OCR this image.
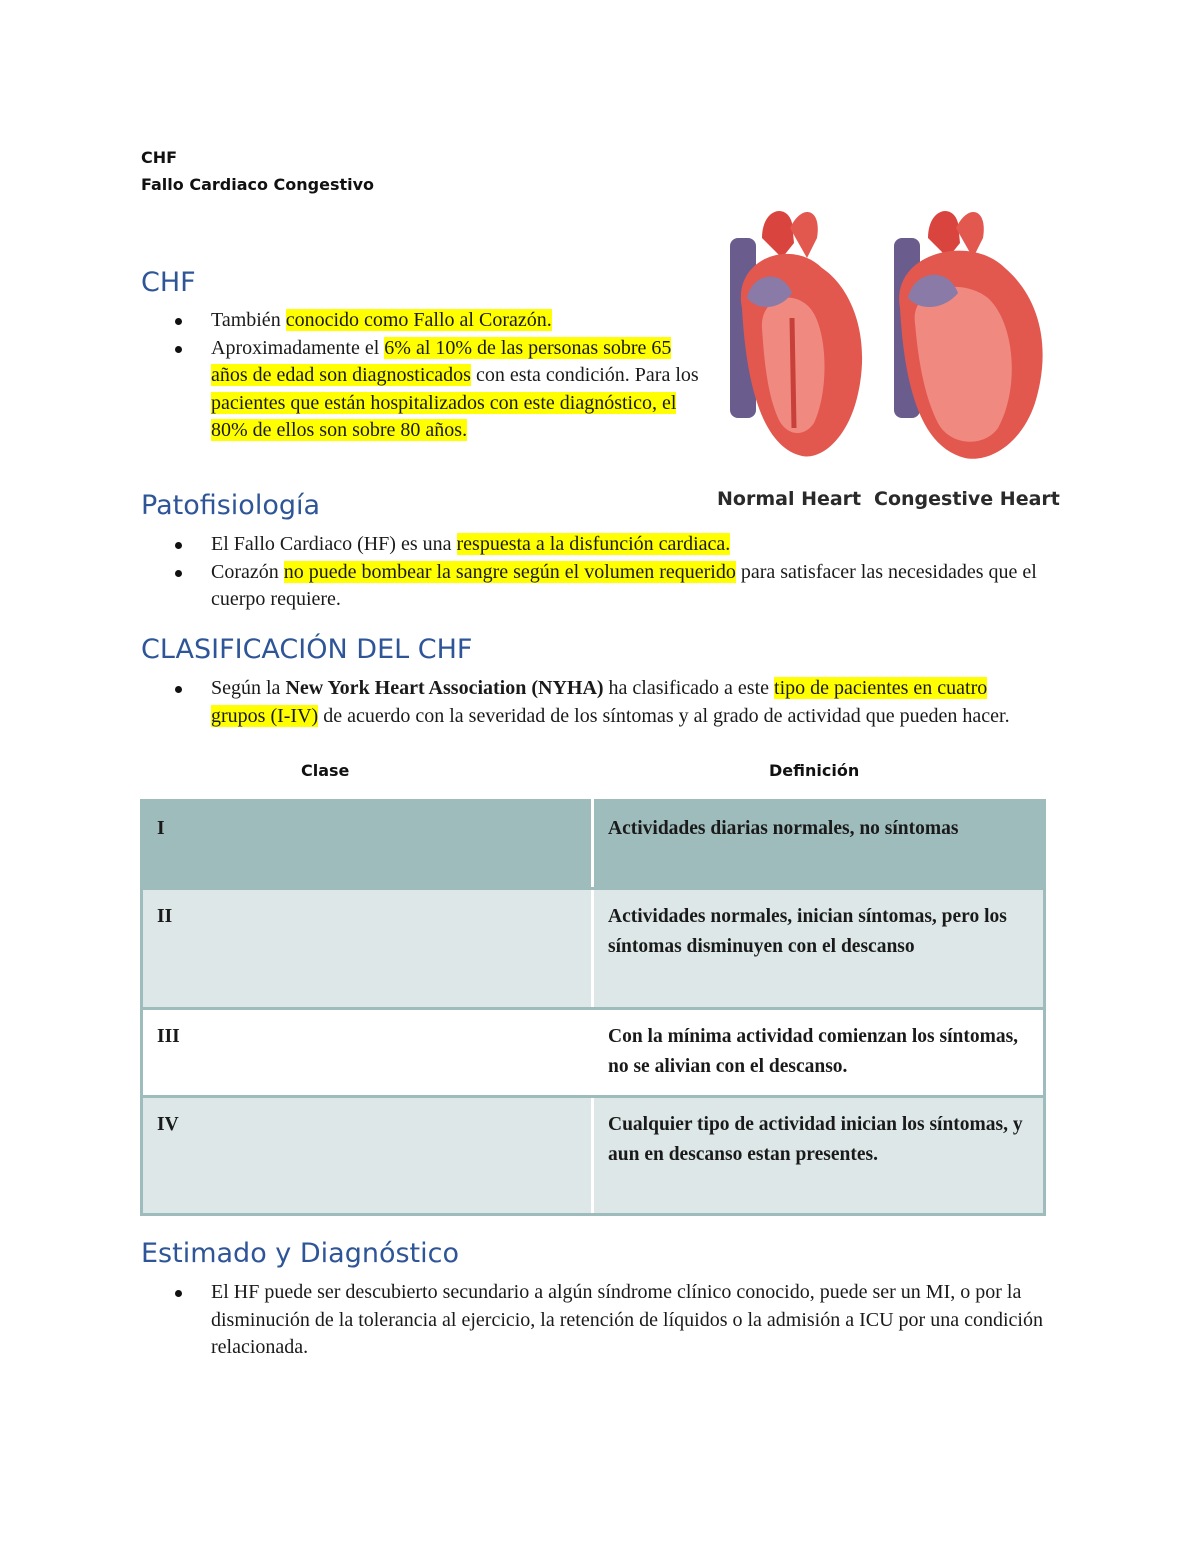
CHF
Fallo Cardiaco Congestivo
Normal Heart Congestive Heart
CHF
También conocido como Fallo al Corazón.
Aproximadamente el 6% al 10% de las personas sobre 65 años de edad son diagnosticados con esta condición. Para los pacientes que están hospitalizados con este diagnóstico, el 80% de ellos son sobre 80 años.
Patofisiología
El Fallo Cardiaco (HF) es una respuesta a la disfunción cardiaca.
Corazón no puede bombear la sangre según el volumen requerido para satisfacer las necesidades que el cuerpo requiere.
CLASIFICACIÓN DEL CHF
Según la New York Heart Association (NYHA) ha clasificado a este tipo de pacientes en cuatro grupos (I-IV) de acuerdo con la severidad de los síntomas y al grado de actividad que pueden hacer.
Clase	Definición
I	Actividades diarias normales, no síntomas
II	Actividades normales, inician síntomas, pero los síntomas disminuyen con el descanso
III	Con la mínima actividad comienzan los síntomas, no se alivian con el descanso.
IV	Cualquier tipo de actividad inician los síntomas, y aun en descanso estan presentes.
Estimado y Diagnóstico
El HF puede ser descubierto secundario a algún síndrome clínico conocido, puede ser un MI, o por la disminución de la tolerancia al ejercicio, la retención de líquidos o la admisión a ICU por una condición relacionada.
